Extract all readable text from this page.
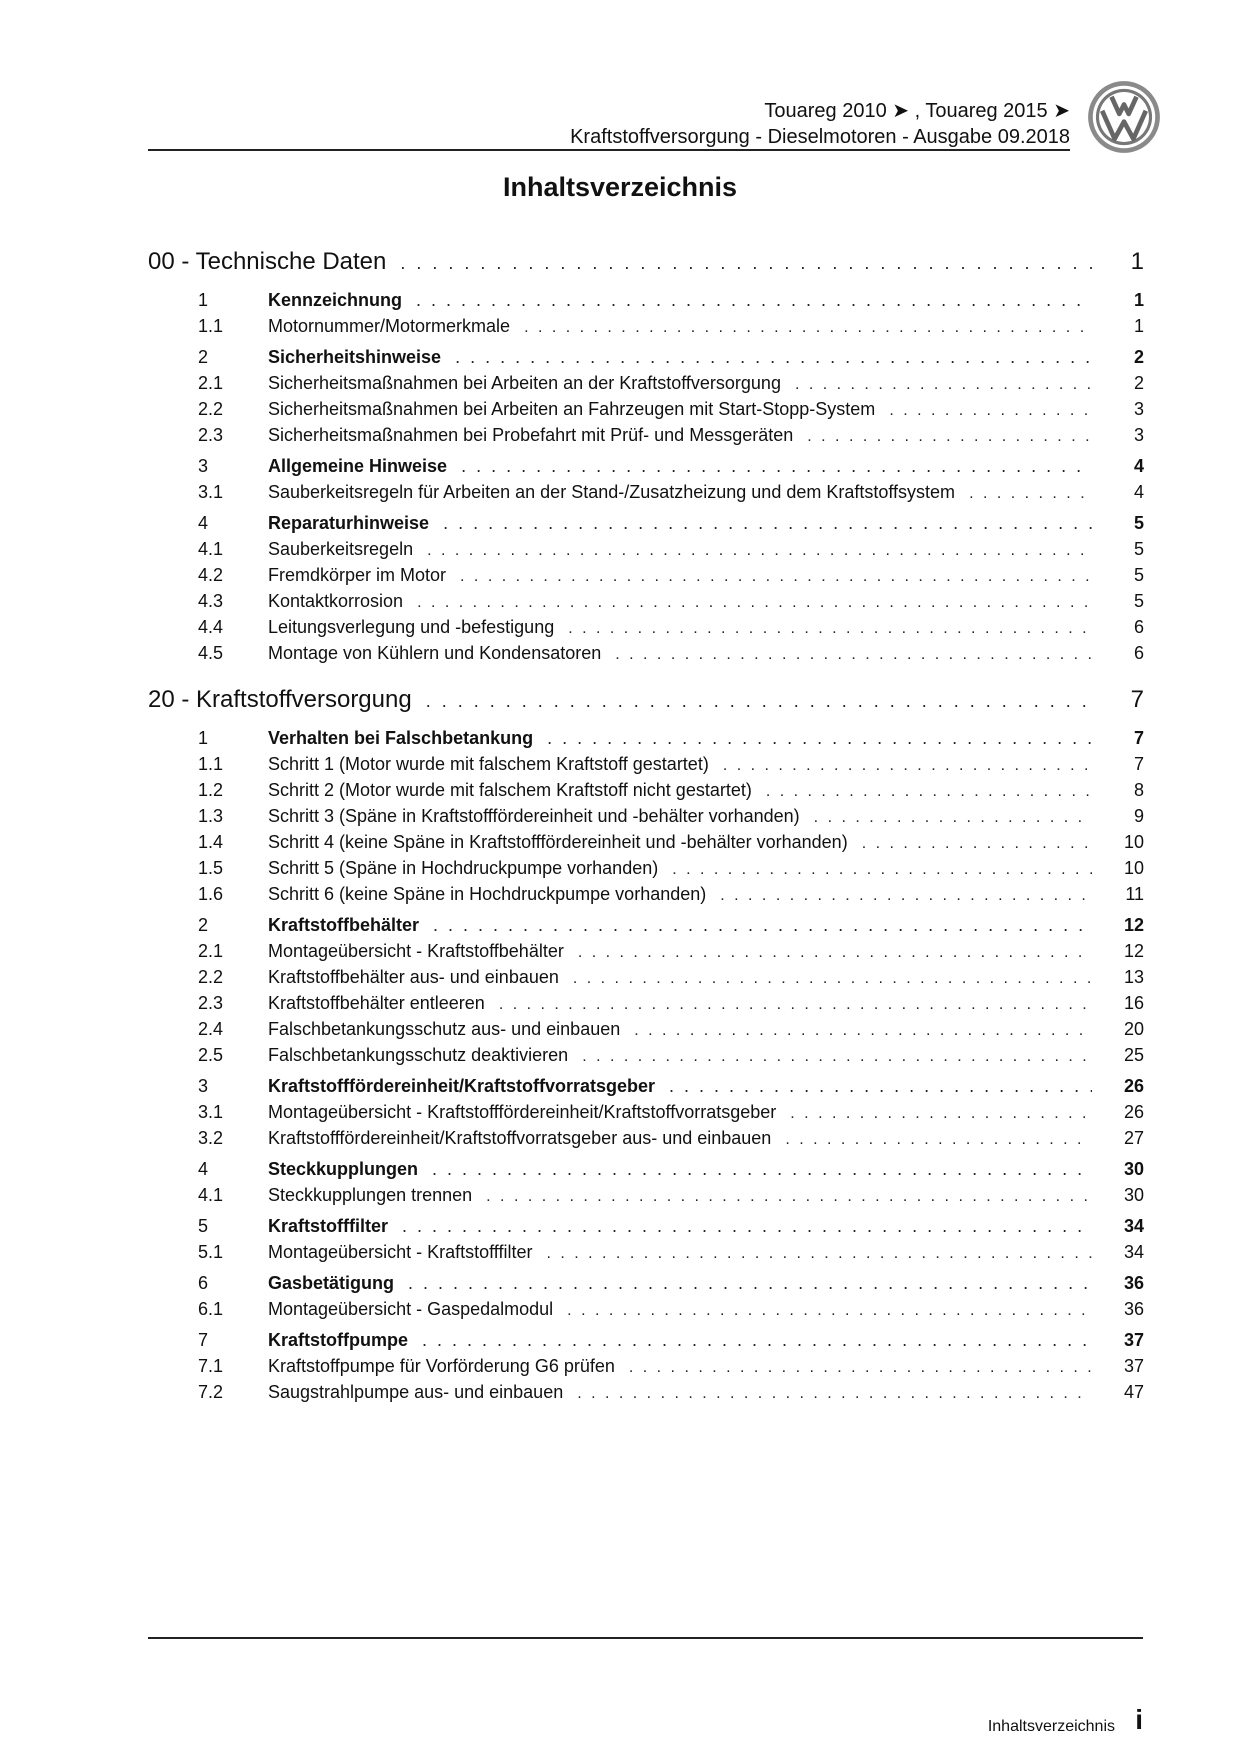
Touareg 2010 ➤ , Touareg 2015 ➤
Kraftstoffversorgung - Dieselmotoren - Ausgabe 09.2018
Inhaltsverzeichnis
00 - Technische Daten . . .	1
1	Kennzeichnung . . .	1
1.1	Motornummer/Motormerkmale . . .	1
2	Sicherheitshinweise . . .	2
2.1	Sicherheitsmaßnahmen bei Arbeiten an der Kraftstoffversorgung . . .	2
2.2	Sicherheitsmaßnahmen bei Arbeiten an Fahrzeugen mit Start-Stopp-System . . .	3
2.3	Sicherheitsmaßnahmen bei Probefahrt mit Prüf- und Messgeräten . . .	3
3	Allgemeine Hinweise . . .	4
3.1	Sauberkeitsregeln für Arbeiten an der Stand-/Zusatzheizung und dem Kraftstoffsystem . . .	4
4	Reparaturhinweise . . .	5
4.1	Sauberkeitsregeln . . .	5
4.2	Fremdkörper im Motor . . .	5
4.3	Kontaktkorrosion . . .	5
4.4	Leitungsverlegung und -befestigung . . .	6
4.5	Montage von Kühlern und Kondensatoren . . .	6
20 - Kraftstoffversorgung . . .	7
1	Verhalten bei Falschbetankung . . .	7
1.1	Schritt 1 (Motor wurde mit falschem Kraftstoff gestartet) . . .	7
1.2	Schritt 2 (Motor wurde mit falschem Kraftstoff nicht gestartet) . . .	8
1.3	Schritt 3 (Späne in Kraftstofffördereinheit und -behälter vorhanden) . . .	9
1.4	Schritt 4 (keine Späne in Kraftstofffördereinheit und -behälter vorhanden) . . .	10
1.5	Schritt 5 (Späne in Hochdruckpumpe vorhanden) . . .	10
1.6	Schritt 6 (keine Späne in Hochdruckpumpe vorhanden) . . .	11
2	Kraftstoffbehälter . . .	12
2.1	Montageübersicht - Kraftstoffbehälter . . .	12
2.2	Kraftstoffbehälter aus- und einbauen . . .	13
2.3	Kraftstoffbehälter entleeren . . .	16
2.4	Falschbetankungsschutz aus- und einbauen . . .	20
2.5	Falschbetankungsschutz deaktivieren . . .	25
3	Kraftstofffördereinheit/Kraftstoffvorratsgeber . . .	26
3.1	Montageübersicht - Kraftstofffördereinheit/Kraftstoffvorratsgeber . . .	26
3.2	Kraftstofffördereinheit/Kraftstoffvorratsgeber aus- und einbauen . . .	27
4	Steckkupplungen . . .	30
4.1	Steckkupplungen trennen . . .	30
5	Kraftstofffilter . . .	34
5.1	Montageübersicht - Kraftstofffilter . . .	34
6	Gasbetätigung . . .	36
6.1	Montageübersicht - Gaspedalmodul . . .	36
7	Kraftstoffpumpe . . .	37
7.1	Kraftstoffpumpe für Vorförderung G6 prüfen . . .	37
7.2	Saugstrahlpumpe aus- und einbauen . . .	47
Inhaltsverzeichnis i
